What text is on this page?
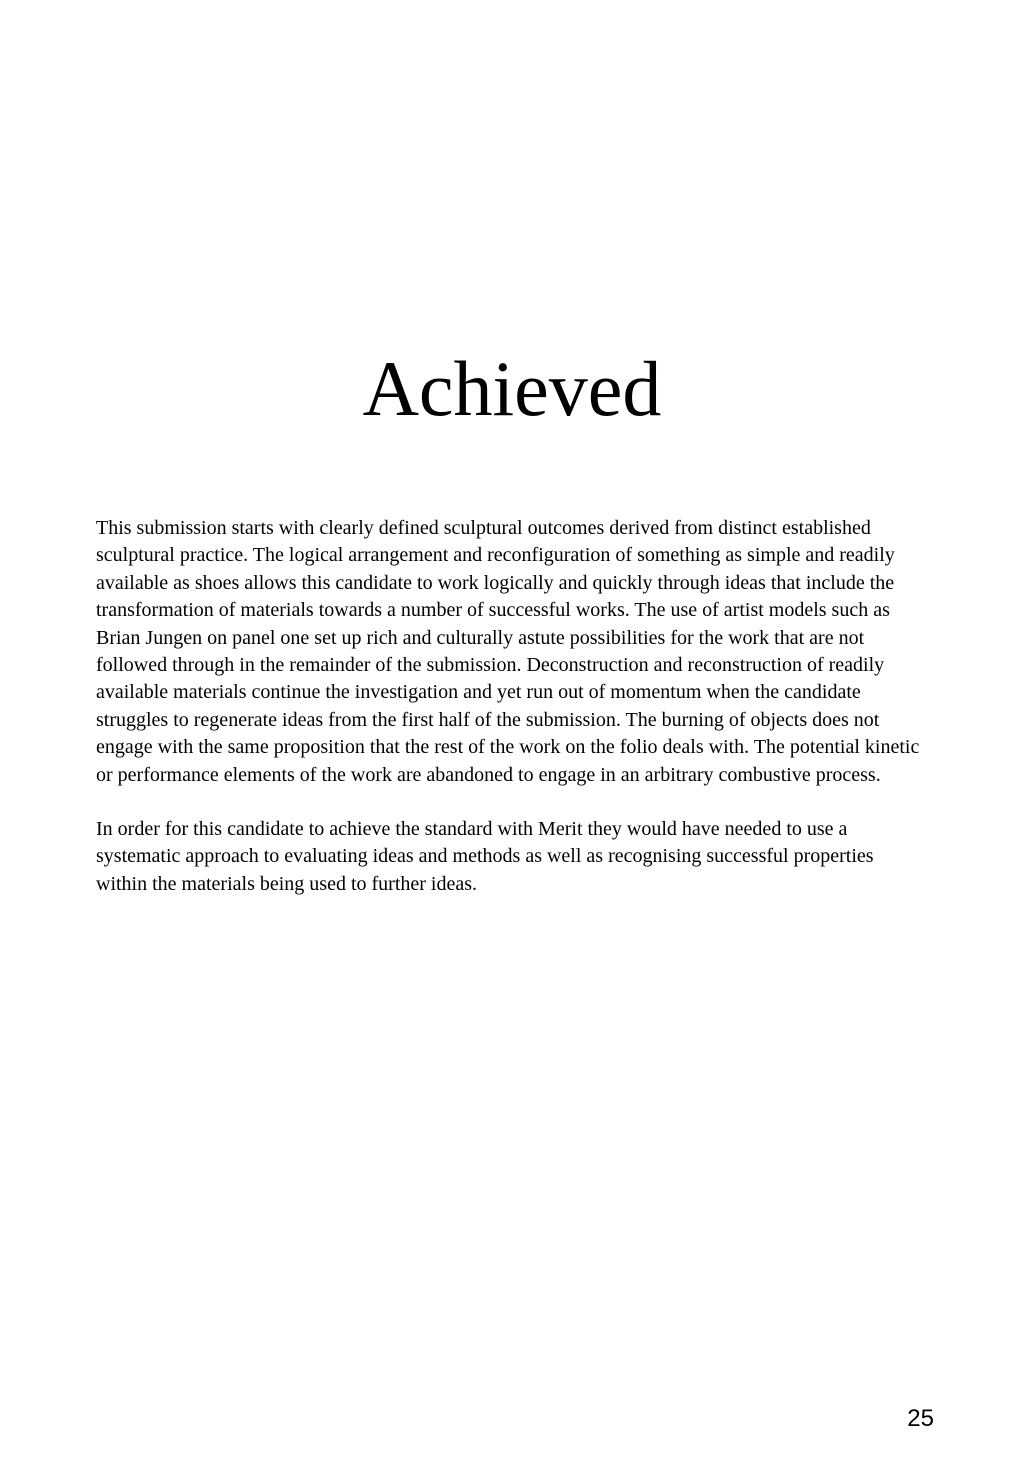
Achieved

This submission starts with clearly defined sculptural outcomes derived from distinct established sculptural practice. The logical arrangement and reconfiguration of something as simple and readily available as shoes allows this candidate to work logically and quickly through ideas that include the transformation of materials towards a number of successful works. The use of artist models such as Brian Jungen on panel one set up rich and culturally astute possibilities for the work that are not followed through in the remainder of the submission. Deconstruction and reconstruction of readily available materials continue the investigation and yet run out of momentum when the candidate struggles to regenerate ideas from the first half of the submission. The burning of objects does not engage with the same proposition that the rest of the work on the folio deals with. The potential kinetic or performance elements of the work are abandoned to engage in an arbitrary combustive process.

In order for this candidate to achieve the standard with Merit they would have needed to use a systematic approach to evaluating ideas and methods as well as recognising successful properties within the materials being used to further ideas.

25
